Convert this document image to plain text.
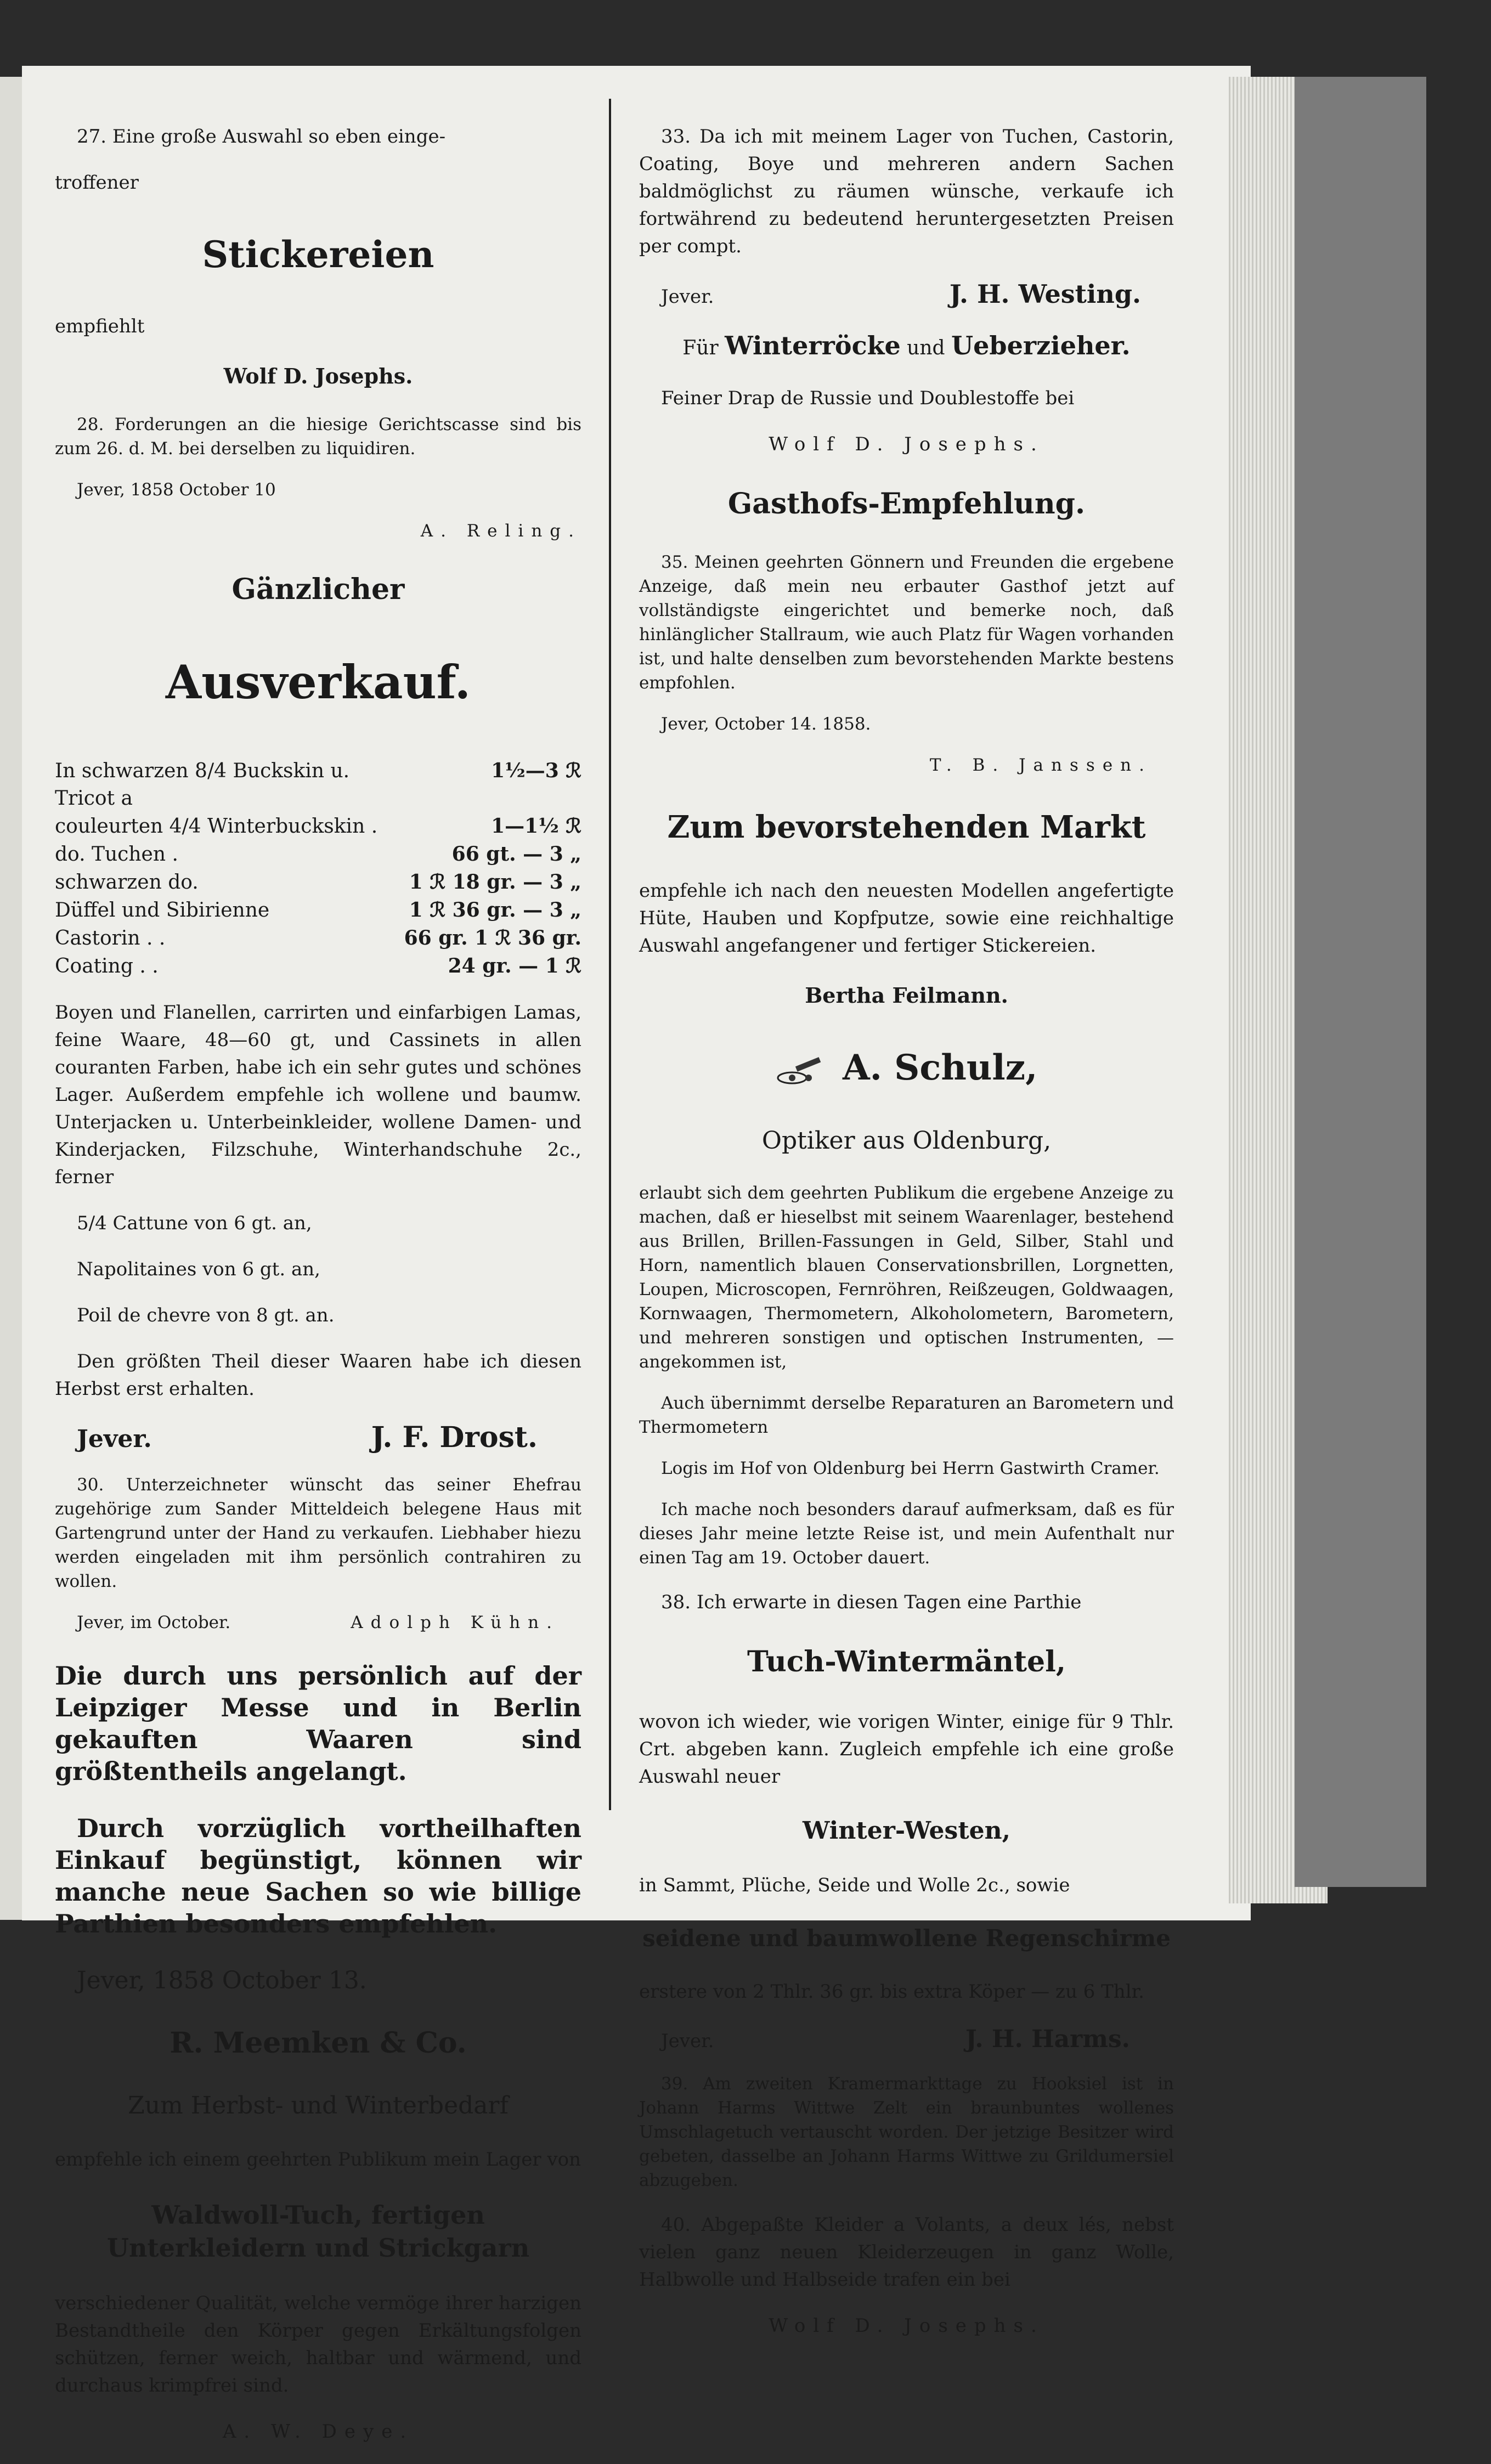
27. Eine große Auswahl so eben einge-

troffener

Stickereien

empfiehlt

Wolf D. Josephs.

28. Forderungen an die hiesige Gerichtscasse sind bis zum 26. d. M. bei derselben zu liquidiren.

Jever, 1858 October 10

A. Reling.

Gänzlicher

Ausverkauf.

In schwarzen 8/4 Buckskin u. Tricot a	1½—3 ℛ
couleurten 4/4 Winterbuckskin .	1—1½ ℛ
do. Tuchen .	66 gt. — 3 „
schwarzen do.	1 ℛ 18 gr. — 3 „
Düffel und Sibirienne	1 ℛ 36 gr. — 3 „
Castorin . .	66 gr. 1 ℛ 36 gr.
Coating . .	24 gr. — 1 ℛ

Boyen und Flanellen, carrirten und einfarbigen Lamas, feine Waare, 48—60 gt, und Cassinets in allen couranten Farben, habe ich ein sehr gutes und schönes Lager. Außerdem empfehle ich wollene und baumw. Unterjacken u. Unterbeinkleider, wollene Damen- und Kinderjacken, Filzschuhe, Winterhandschuhe 2c., ferner

5/4 Cattune von 6 gt. an,

Napolitaines von 6 gt. an,

Poil de chevre von 8 gt. an.

Den größten Theil dieser Waaren habe ich diesen Herbst erst erhalten.

Jever.	J. F. Drost.

30. Unterzeichneter wünscht das seiner Ehefrau zugehörige zum Sander Mitteldeich belegene Haus mit Gartengrund unter der Hand zu verkaufen. Liebhaber hiezu werden eingeladen mit ihm persönlich contrahiren zu wollen.

Jever, im October.	Adolph Kühn.

Die durch uns persönlich auf der Leipziger Messe und in Berlin gekauften Waaren sind größtentheils angelangt.

Durch vorzüglich vortheilhaften Einkauf begünstigt, können wir manche neue Sachen so wie billige Parthien besonders empfehlen.

Jever, 1858 October 13.

R. Meemken & Co.

Zum Herbst- und Winterbedarf

empfehle ich einem geehrten Publikum mein Lager von

Waldwoll-Tuch, fertigen Unterkleidern und Strickgarn

verschiedener Qualität, welche vermöge ihrer harzigen Bestandtheile den Körper gegen Erkältungsfolgen schützen, ferner weich, haltbar und wärmend, und durchaus krimpfrei sind.

A. W. Deye.

33. Da ich mit meinem Lager von Tuchen, Castorin, Coating, Boye und mehreren andern Sachen baldmöglichst zu räumen wünsche, verkaufe ich fortwährend zu bedeutend heruntergesetzten Preisen per compt.

Jever.	J. H. Westing.

Für Winterröcke und Ueberzieher.

Feiner Drap de Russie und Doublestoffe bei

Wolf D. Josephs.

Gasthofs-Empfehlung.

35. Meinen geehrten Gönnern und Freunden die ergebene Anzeige, daß mein neu erbauter Gasthof jetzt auf vollständigste eingerichtet und bemerke noch, daß hinlänglicher Stallraum, wie auch Platz für Wagen vorhanden ist, und halte denselben zum bevorstehenden Markte bestens empfohlen.

Jever, October 14. 1858.

T. B. Janssen.

Zum bevorstehenden Markt

empfehle ich nach den neuesten Modellen angefertigte Hüte, Hauben und Kopfputze, sowie eine reichhaltige Auswahl angefangener und fertiger Stickereien.

Bertha Feilmann.

A. Schulz,

Optiker aus Oldenburg,

erlaubt sich dem geehrten Publikum die ergebene Anzeige zu machen, daß er hieselbst mit seinem Waarenlager, bestehend aus Brillen, Brillen-Fassungen in Geld, Silber, Stahl und Horn, namentlich blauen Conservationsbrillen, Lorgnetten, Loupen, Microscopen, Fernröhren, Reißzeugen, Goldwaagen, Kornwaagen, Thermometern, Alkoholometern, Barometern, und mehreren sonstigen und optischen Instrumenten, — angekommen ist,

Auch übernimmt derselbe Reparaturen an Barometern und Thermometern

Logis im Hof von Oldenburg bei Herrn Gastwirth Cramer.

Ich mache noch besonders darauf aufmerksam, daß es für dieses Jahr meine letzte Reise ist, und mein Aufenthalt nur einen Tag am 19. October dauert.

38. Ich erwarte in diesen Tagen eine Parthie

Tuch-Wintermäntel,

wovon ich wieder, wie vorigen Winter, einige für 9 Thlr. Crt. abgeben kann. Zugleich empfehle ich eine große Auswahl neuer

Winter-Westen,

in Sammt, Plüche, Seide und Wolle 2c., sowie

seidene und baumwollene Regenschirme

erstere von 2 Thlr. 36 gr. bis extra Köper — zu 6 Thlr.

Jever.	J. H. Harms.

39. Am zweiten Kramermarkttage zu Hooksiel ist in Johann Harms Wittwe Zelt ein braunbuntes wollenes Umschlagetuch vertauscht worden. Der jetzige Besitzer wird gebeten, dasselbe an Johann Harms Wittwe zu Grildumersiel abzugeben.

40. Abgepaßte Kleider a Volants, a deux lés, nebst vielen ganz neuen Kleiderzeugen in ganz Wolle, Halbwolle und Halbseide trafen ein bei

Wolf D. Josephs.
